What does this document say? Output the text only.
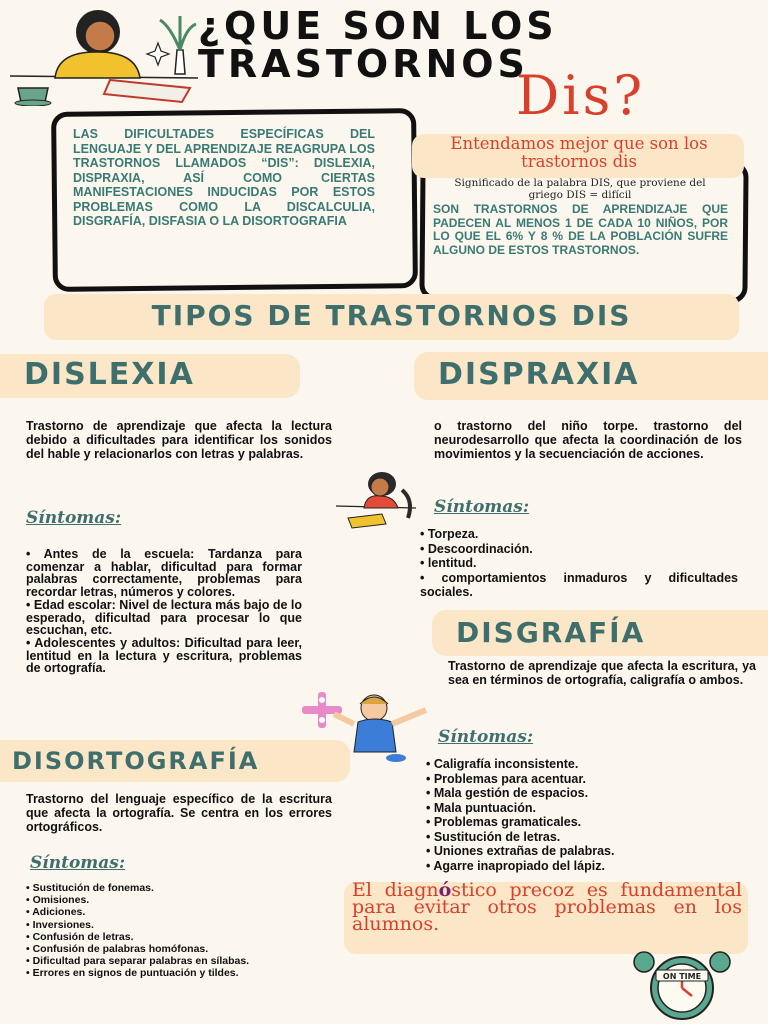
¿QUE SON LOS
TRASTORNOS
Dis?
LAS DIFICULTADES ESPECÍFICAS DEL LENGUAJE Y DEL APRENDIZAJE REAGRUPA LOS TRASTORNOS LLAMADOS “DIS”: DISLEXIA, DISPRAXIA, ASÍ COMO CIERTAS MANIFESTACIONES INDUCIDAS POR ESTOS PROBLEMAS COMO LA DISCALCULIA, DISGRAFÍA, DISFASIA O LA DISORTOGRAFIA
Entendamos mejor que son los trastornos dis
Significado de la palabra DIS, que proviene del griego DIS = difícil
SON TRASTORNOS DE APRENDIZAJE QUE PADECEN AL MENOS 1 DE CADA 10 NIÑOS, POR LO QUE EL 6% Y 8 % DE LA POBLACIÓN SUFRE ALGUNO DE ESTOS TRASTORNOS.
TIPOS DE TRASTORNOS DIS
DISLEXIA
Trastorno de aprendizaje que afecta la lectura debido a dificultades para identificar los sonidos del hable y relacionarlos con letras y palabras.
Síntomas:
• Antes de la escuela: Tardanza para comenzar a hablar, dificultad para formar palabras correctamente, problemas para recordar letras, números y colores.
• Edad escolar: Nivel de lectura más bajo de lo esperado, dificultad para procesar lo que escuchan, etc.
• Adolescentes y adultos: Dificultad para leer, lentitud en la lectura y escritura, problemas de ortografía.
DISPRAXIA
o trastorno del niño torpe. trastorno del neurodesarrollo que afecta la coordinación de los movimientos y la secuenciación de acciones.
Síntomas:
• Torpeza.
• Descoordinación.
• lentitud.
• comportamientos inmaduros y dificultades sociales.
DISGRAFÍA
Trastorno de aprendizaje que afecta la escritura, ya sea en términos de ortografía, caligrafía o ambos.
Síntomas:
• Caligrafía inconsistente.
• Problemas para acentuar.
• Mala gestión de espacios.
• Mala puntuación.
• Problemas gramaticales.
• Sustitución de letras.
• Uniones extrañas de palabras.
• Agarre inapropiado del lápiz.
DISORTOGRAFÍA
Trastorno del lenguaje específico de la escritura que afecta la ortografía. Se centra en los errores ortográficos.
Síntomas:
• Sustitución de fonemas.
• Omisiones.
• Adiciones.
• Inversiones.
• Confusión de letras.
• Confusión de palabras homófonas.
• Dificultad para separar palabras en sílabas.
• Errores en signos de puntuación y tildes.
El diagnóstico precoz es fundamental para evitar otros problemas en los alumnos.
ON TIME
